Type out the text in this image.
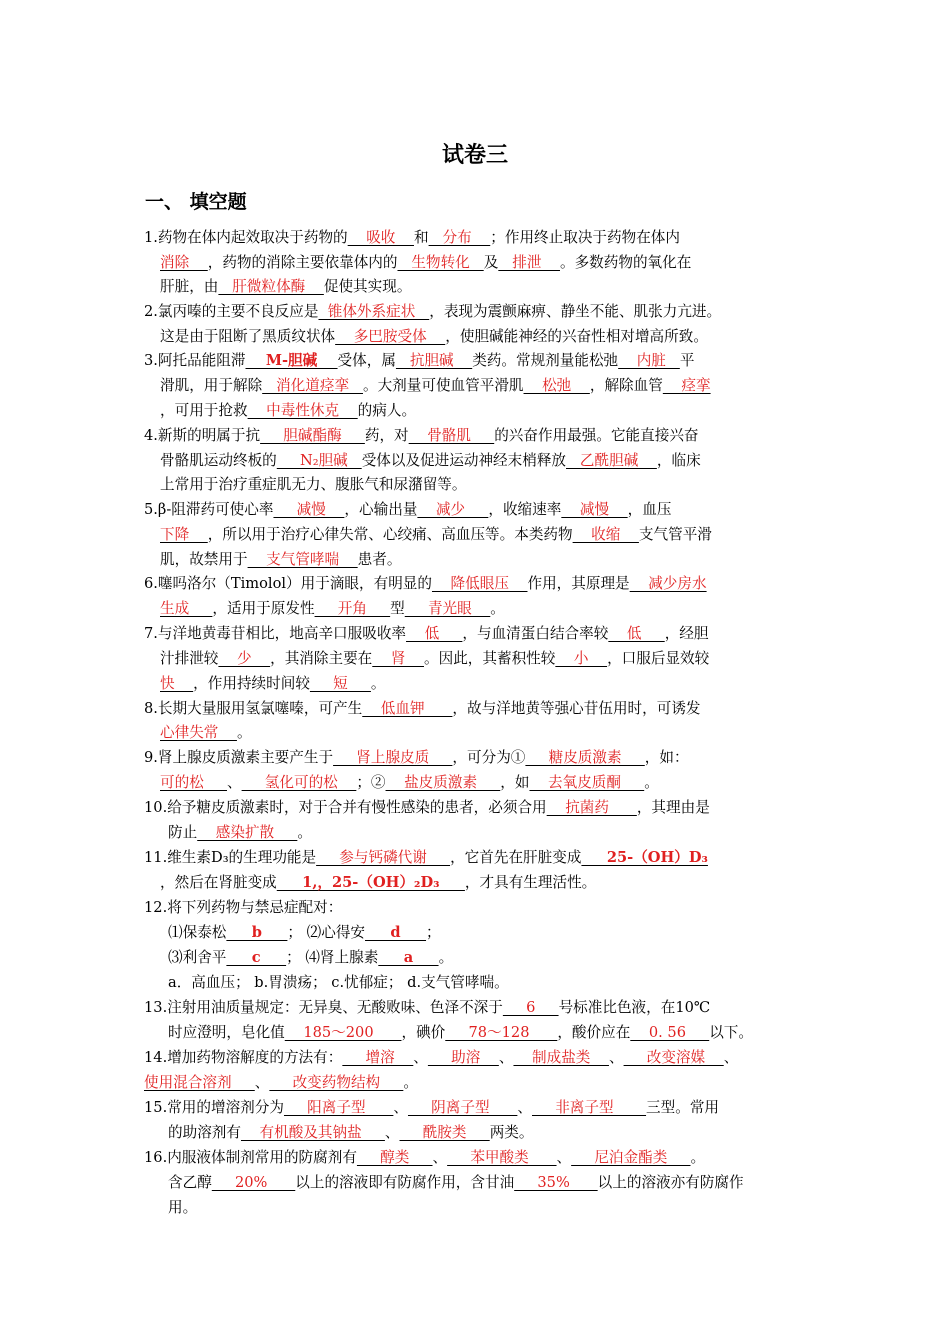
试卷三
一、 填空题
1.药物在体内起效取决于药物的    吸收    和   分布    ；作用终止取决于药物在体内
消除    ，药物的消除主要依靠体内的   生物转化   及   排泄    。多数药物的氧化在
肝脏，由   肝微粒体酶    促使其实现。
2.氯丙嗪的主要不良反应是  锥体外系症状   ，表现为震颤麻痹、静坐不能、肌张力亢进。
这是由于阻断了黑质纹状体    多巴胺受体    ，使胆碱能神经的兴奋性相对增高所致。
3.阿托品能阻滞    M-胆碱    受体，属   抗胆碱    类药。常规剂量能松弛    内脏   平
滑肌，用于解除   消化道痉挛   。大剂量可使血管平滑肌    松弛    ，解除血管    痉挛
，可用于抢救    中毒性休克    的病人。
4.新斯的明属于抗     胆碱酯酶     药，对    骨骼肌     的兴奋作用最强。它能直接兴奋
骨骼肌运动终板的     N₂胆碱   受体以及促进运动神经末梢释放   乙酰胆碱    ，临床
上常用于治疗重症肌无力、腹胀气和尿潴留等。
5.β-阻滞药可使心率     减慢    ，心输出量    减少     ，收缩速率    减慢    ，血压
下降    ，所以用于治疗心律失常、心绞痛、高血压等。本类药物    收缩    支气管平滑
肌，故禁用于    支气管哮喘    患者。
6.噻吗洛尔（Timolol）用于滴眼，有明显的    降低眼压    作用，其原理是    减少房水
生成     ，适用于原发性     开角     型     青光眼    。
7.与洋地黄毒苷相比，地高辛口服吸收率    低     ，与血清蛋白结合率较    低     ，经胆
汁排泄较    少    ，其消除主要在    肾    。因此，其蓄积性较    小    ，口服后显效较
快    ，作用持续时间较     短     。
8.长期大量服用氢氯噻嗪，可产生    低血钾      ，故与洋地黄等强心苷伍用时，可诱发
心律失常    。
9.肾上腺皮质激素主要产生于     肾上腺皮质     ，可分为①     糖皮质激素     ，如：
可的松     、     氢化可的松    ；②    盐皮质激素     ，如    去氧皮质酮     。
10.给予糖皮质激素时，对于合并有慢性感染的患者，必须合用    抗菌药      ，其理由是
防止    感染扩散     。
11.维生素D₃的生理功能是     参与钙磷代谢     ，它首先在肝脏变成     25-（OH）D₃
，然后在肾脏变成     1,，25-（OH）₂D₃     ，才具有生理活性。
12.将下列药物与禁忌症配对：
⑴保泰松     b     ； ⑵心得安     d     ；
⑶利舍平     c     ； ⑷肾上腺素     a     。
a．高血压； b.胃溃疡； c.忧郁症； d.支气管哮喘。
13.注射用油质量规定：无异臭、无酸败味、色泽不深于     6     号标准比色液，在10℃
时应澄明，皂化值    185～200      ，碘价     78～128      ，酸价应在    0. 56     以下。
14.增加药物溶解度的方法有：     增溶    、     助溶    、    制成盐类    、     改变溶媒    、
使用混合溶剂     、     改变药物结构     。
15.常用的增溶剂分为     阳离子型      、     阴离子型      、     非离子型       三型。常用
的助溶剂有    有机酸及其钠盐     、     酰胺类     两类。
16.内服液体制剂常用的防腐剂有     醇类     、     苯甲酸类      、     尼泊金酯类     。
含乙醇     20%      以上的溶液即有防腐作用，含甘油     35%      以上的溶液亦有防腐作
用。
